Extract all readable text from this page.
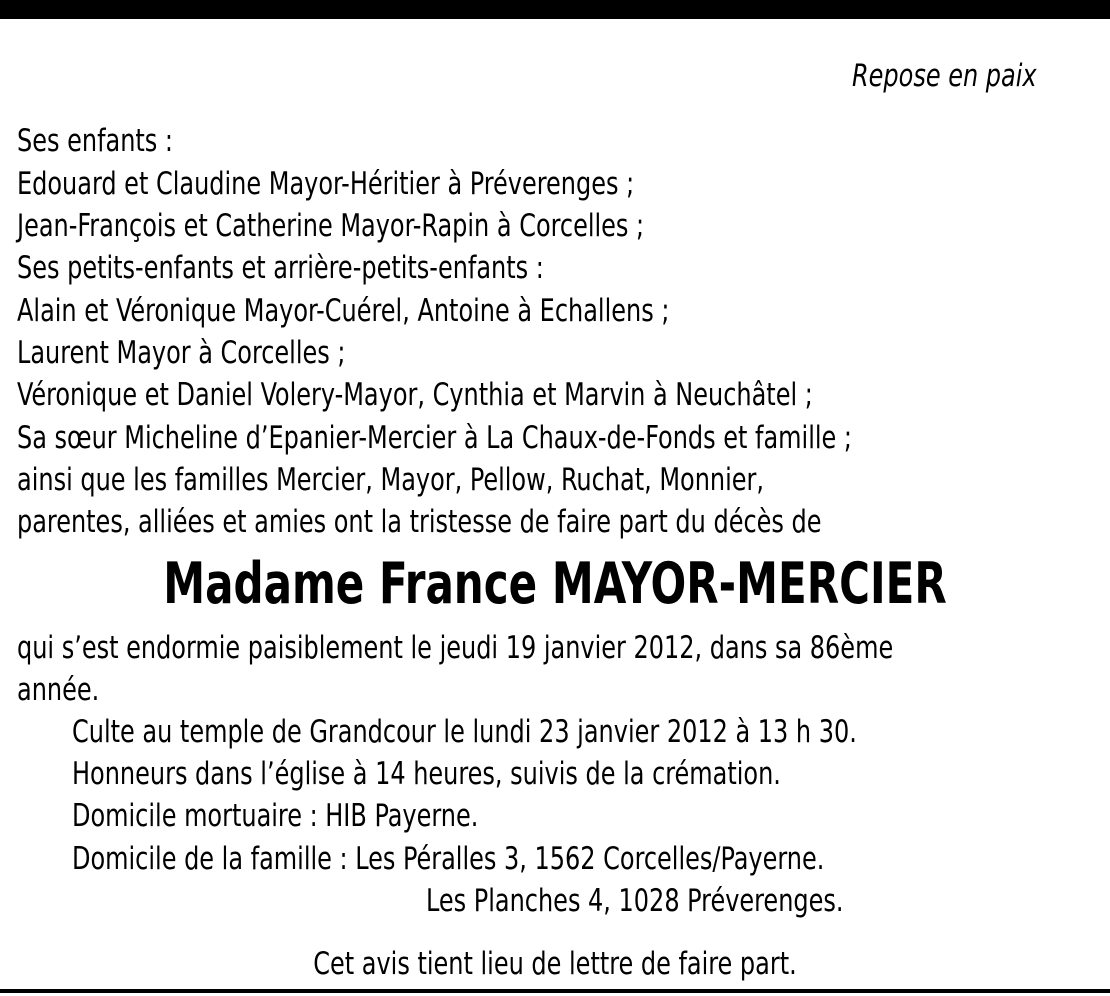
Repose en paix
Ses enfants :
Edouard et Claudine Mayor-Héritier à Préverenges ;
Jean-François et Catherine Mayor-Rapin à Corcelles ;
Ses petits-enfants et arrière-petits-enfants :
Alain et Véronique Mayor-Cuérel, Antoine à Echallens ;
Laurent Mayor à Corcelles ;
Véronique et Daniel Volery-Mayor, Cynthia et Marvin à Neuchâtel ;
Sa sœur Micheline d’Epanier-Mercier à La Chaux-de-Fonds et famille ;
ainsi que les familles Mercier, Mayor, Pellow, Ruchat, Monnier,
parentes, alliées et amies ont la tristesse de faire part du décès de
Madame France MAYOR-MERCIER
qui s’est endormie paisiblement le jeudi 19 janvier 2012, dans sa 86ème
année.
Culte au temple de Grandcour le lundi 23 janvier 2012 à 13 h 30.
Honneurs dans l’église à 14 heures, suivis de la crémation.
Domicile mortuaire : HIB Payerne.
Domicile de la famille : Les Péralles 3, 1562 Corcelles/Payerne.
Les Planches 4, 1028 Préverenges.
Cet avis tient lieu de lettre de faire part.
